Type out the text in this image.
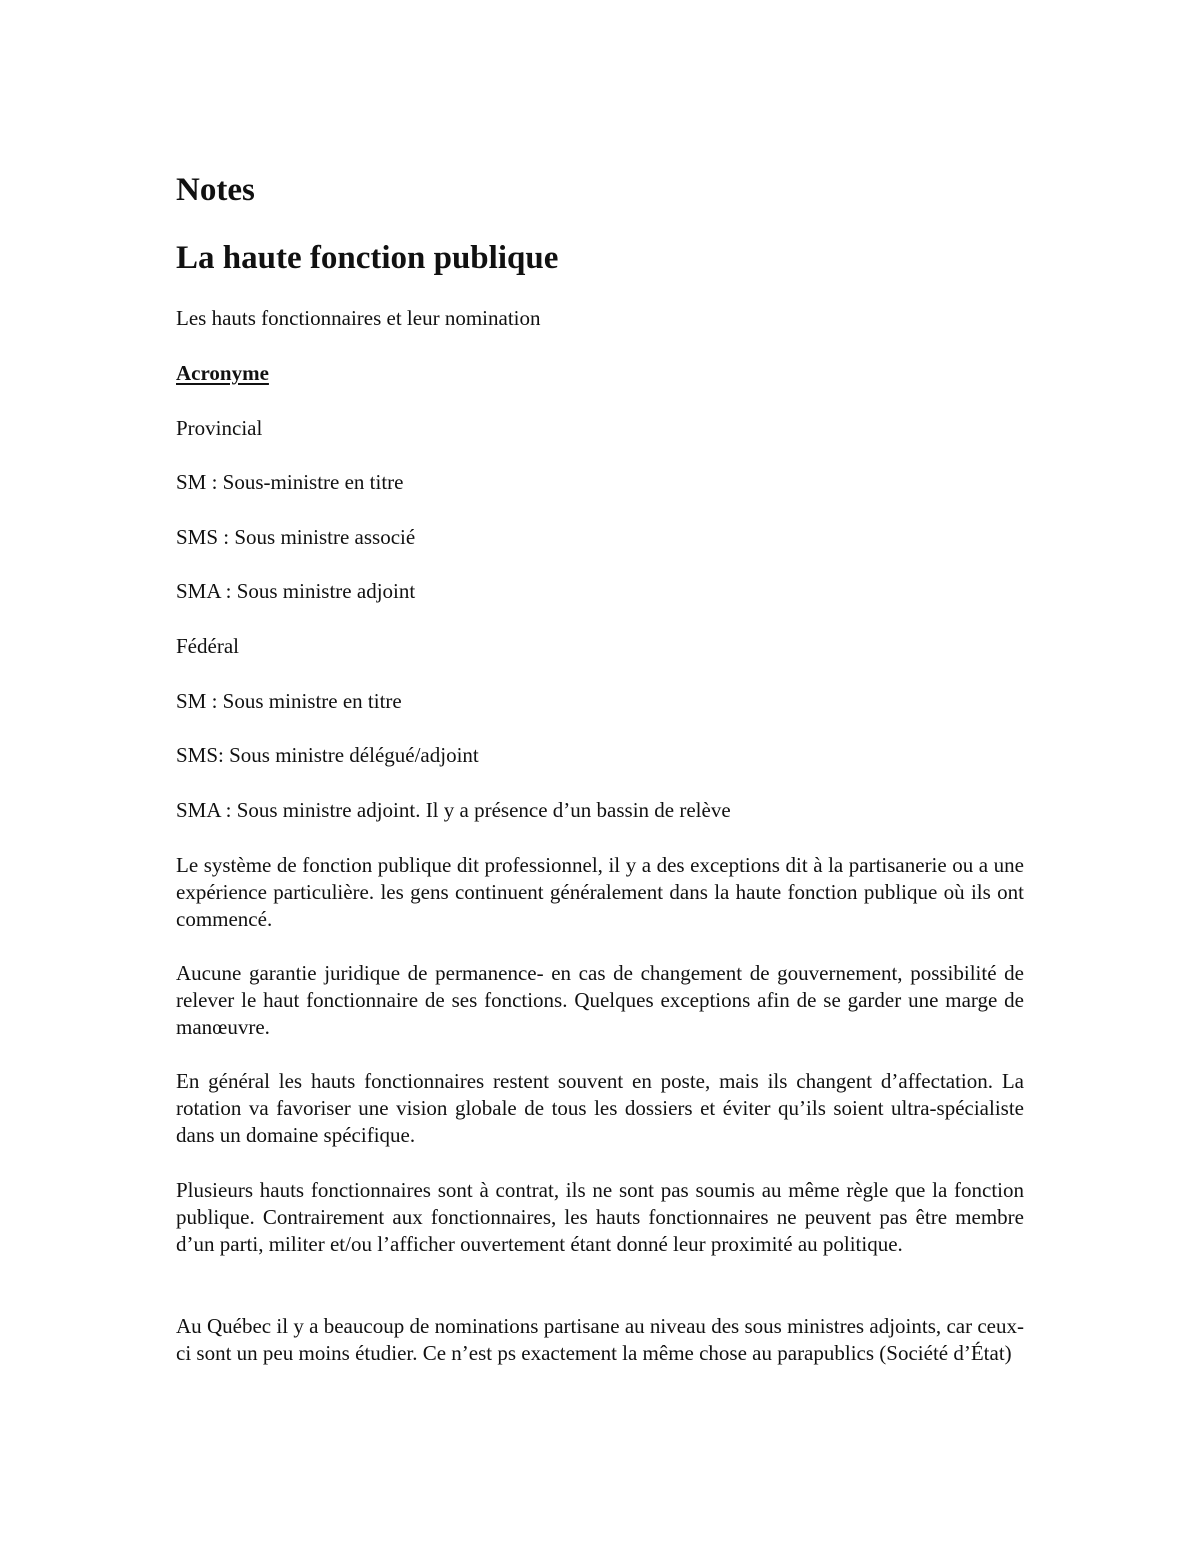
Notes
La haute fonction publique

Les hauts fonctionnaires et leur nomination

Acronyme

Provincial

SM : Sous-ministre en titre

SMS : Sous ministre associé

SMA : Sous ministre adjoint

Fédéral

SM : Sous ministre en titre

SMS: Sous ministre délégué/adjoint

SMA : Sous ministre adjoint. Il y a présence d’un bassin de relève

Le système de fonction publique dit professionnel, il y a des exceptions dit à la partisanerie ou a une expérience particulière. les gens continuent généralement dans la haute fonction publique où ils ont commencé.

Aucune garantie juridique de permanence- en cas de changement de gouvernement, possibilité de relever le haut fonctionnaire de ses fonctions. Quelques exceptions afin de se garder une marge de manœuvre.

En général les hauts fonctionnaires restent souvent en poste, mais ils changent d’affectation. La rotation va favoriser une vision globale de tous les dossiers et éviter qu’ils soient ultra-spécialiste dans un domaine spécifique.

Plusieurs hauts fonctionnaires sont à contrat, ils ne sont pas soumis au même règle que la fonction publique. Contrairement aux fonctionnaires, les hauts fonctionnaires ne peuvent pas être membre d’un parti, militer et/ou l’afficher ouvertement étant donné leur proximité au politique.

Au Québec il y a beaucoup de nominations partisane au niveau des sous ministres adjoints, car ceux-ci sont un peu moins étudier. Ce n’est ps exactement la même chose au parapublics (Société d’État)
